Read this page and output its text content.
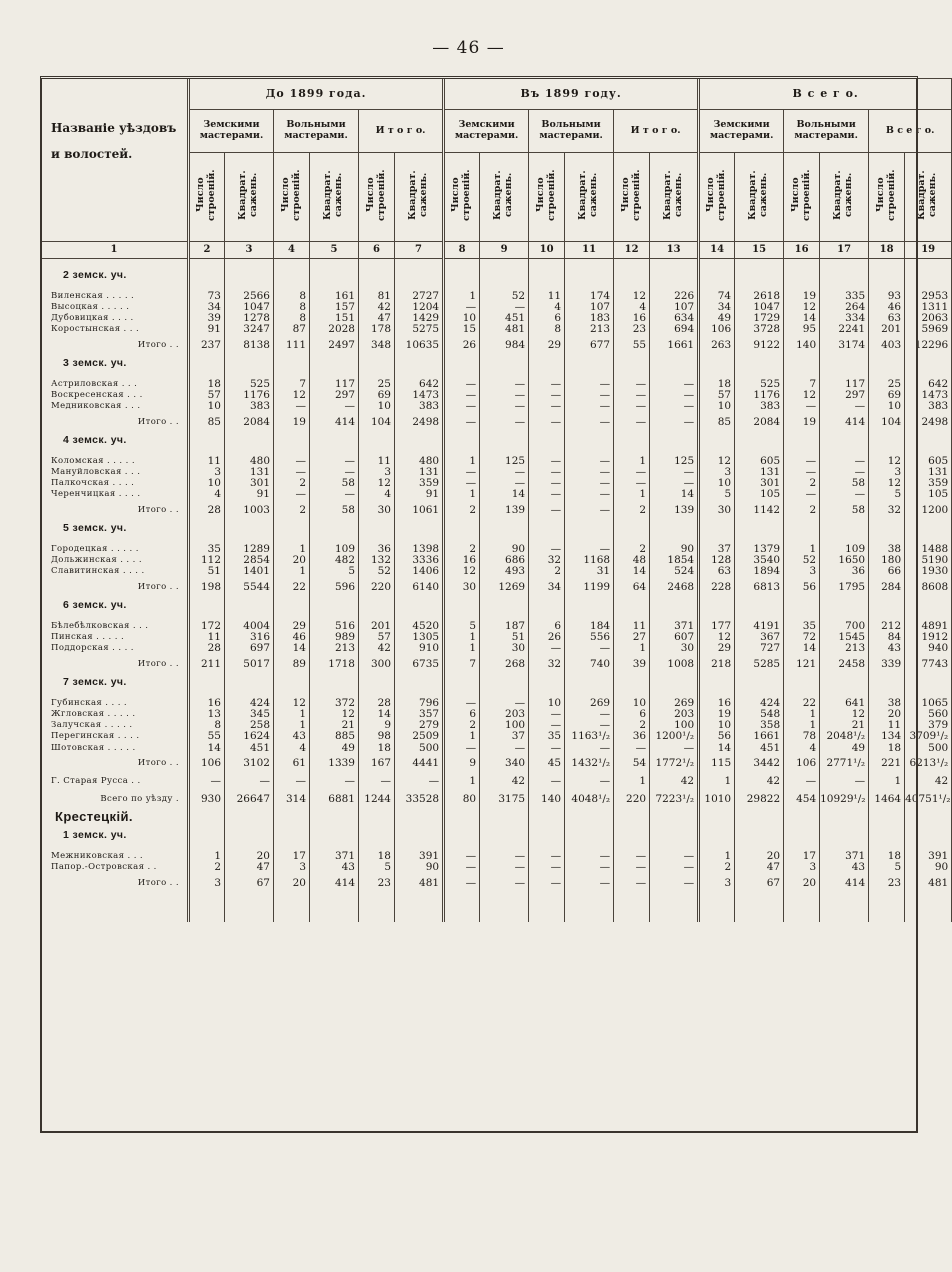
— 46 —
Названіе уѣздовъ
и волостей.	До 1899 года.						Въ 1899 году.						В с е г о.					
	Земскими мастерами.		Вольными мастерами.		И т о г о.		Земскими мастерами.		Вольными мастерами.		И т о г о.		Земскими мастерами.		Вольными мастерами.		В с е г о.	
	Число строеній.	Квадрат. сажень.	Число строеній.	Квадрат. сажень.	Число строеній.	Квадрат. сажень.	Число строеній.	Квадрат. сажень.	Число строеній.	Квадрат. сажень.	Число строеній.	Квадрат. сажень.	Число строеній.	Квадрат. сажень.	Число строеній.	Квадрат. сажень.	Число строеній.	Квадрат. сажень.
1	2	3	4	5	6	7	8	9	10	11	12	13	14	15	16	17	18	19

2 земск. уч.																		

Виленская . . . . .	73	2566	8	161	81	2727	1	52	11	174	12	226	74	2618	19	335	93	2953
Высоцкая . . . . .	34	1047	8	157	42	1204	—	—	4	107	4	107	34	1047	12	264	46	1311
Дубовицкая . . . .	39	1278	8	151	47	1429	10	451	6	183	16	634	49	1729	14	334	63	2063
Коростынская . . .	91	3247	87	2028	178	5275	15	481	8	213	23	694	106	3728	95	2241	201	5969
Итого . .	237	8138	111	2497	348	10635	26	984	29	677	55	1661	263	9122	140	3174	403	12296
3 земск. уч.																		

Астриловская . . .	18	525	7	117	25	642	—	—	—	—	—	—	18	525	7	117	25	642
Воскресенская . . .	57	1176	12	297	69	1473	—	—	—	—	—	—	57	1176	12	297	69	1473
Медниковская . . .	10	383	—	—	10	383	—	—	—	—	—	—	10	383	—	—	10	383
Итого . .	85	2084	19	414	104	2498	—	—	—	—	—	—	85	2084	19	414	104	2498
4 земск. уч.																		

Коломская . . . . .	11	480	—	—	11	480	1	125	—	—	1	125	12	605	—	—	12	605
Мануйловская . . .	3	131	—	—	3	131	—	—	—	—	—	—	3	131	—	—	3	131
Палкочская . . . .	10	301	2	58	12	359	—	—	—	—	—	—	10	301	2	58	12	359
Черенчицкая . . . .	4	91	—	—	4	91	1	14	—	—	1	14	5	105	—	—	5	105
Итого . .	28	1003	2	58	30	1061	2	139	—	—	2	139	30	1142	2	58	32	1200
5 земск. уч.																		

Городецкая . . . . .	35	1289	1	109	36	1398	2	90	—	—	2	90	37	1379	1	109	38	1488
Дольжинская . . . .	112	2854	20	482	132	3336	16	686	32	1168	48	1854	128	3540	52	1650	180	5190
Славитинская . . . .	51	1401	1	5	52	1406	12	493	2	31	14	524	63	1894	3	36	66	1930
Итого . .	198	5544	22	596	220	6140	30	1269	34	1199	64	2468	228	6813	56	1795	284	8608
6 земск. уч.																		

Бѣлебѣлковская . . .	172	4004	29	516	201	4520	5	187	6	184	11	371	177	4191	35	700	212	4891
Пинская . . . . .	11	316	46	989	57	1305	1	51	26	556	27	607	12	367	72	1545	84	1912
Поддорская . . . .	28	697	14	213	42	910	1	30	—	—	1	30	29	727	14	213	43	940
Итого . .	211	5017	89	1718	300	6735	7	268	32	740	39	1008	218	5285	121	2458	339	7743
7 земск. уч.																		

Губинская . . . .	16	424	12	372	28	796	—	—	10	269	10	269	16	424	22	641	38	1065
Жгловская . . . . .	13	345	1	12	14	357	6	203	—	—	6	203	19	548	1	12	20	560
Залучская . . . . .	8	258	1	21	9	279	2	100	—	—	2	100	10	358	1	21	11	379
Перегинская . . . .	55	1624	43	885	98	2509	1	37	35	1163¹/₂	36	1200¹/₂	56	1661	78	2048¹/₂	134	3709¹/₂
Шотовская . . . . .	14	451	4	49	18	500	—	—	—	—	—	—	14	451	4	49	18	500
Итого . .	106	3102	61	1339	167	4441	9	340	45	1432¹/₂	54	1772¹/₂	115	3442	106	2771¹/₂	221	6213¹/₂
Г. Старая Русса . .	—	—	—	—	—	—	1	42	—	—	1	42	1	42	—	—	1	42
Всего по уѣзду .	930	26647	314	6881	1244	33528	80	3175	140	4048¹/₂	220	7223¹/₂	1010	29822	454	10929¹/₂	1464	40751¹/₂
Крестецкій.																		
1 земск. уч.																		

Межниковская . . .	1	20	17	371	18	391	—	—	—	—	—	—	1	20	17	371	18	391
Папор.-Островская . .	2	47	3	43	5	90	—	—	—	—	—	—	2	47	3	43	5	90
Итого . .	3	67	20	414	23	481	—	—	—	—	—	—	3	67	20	414	23	481
